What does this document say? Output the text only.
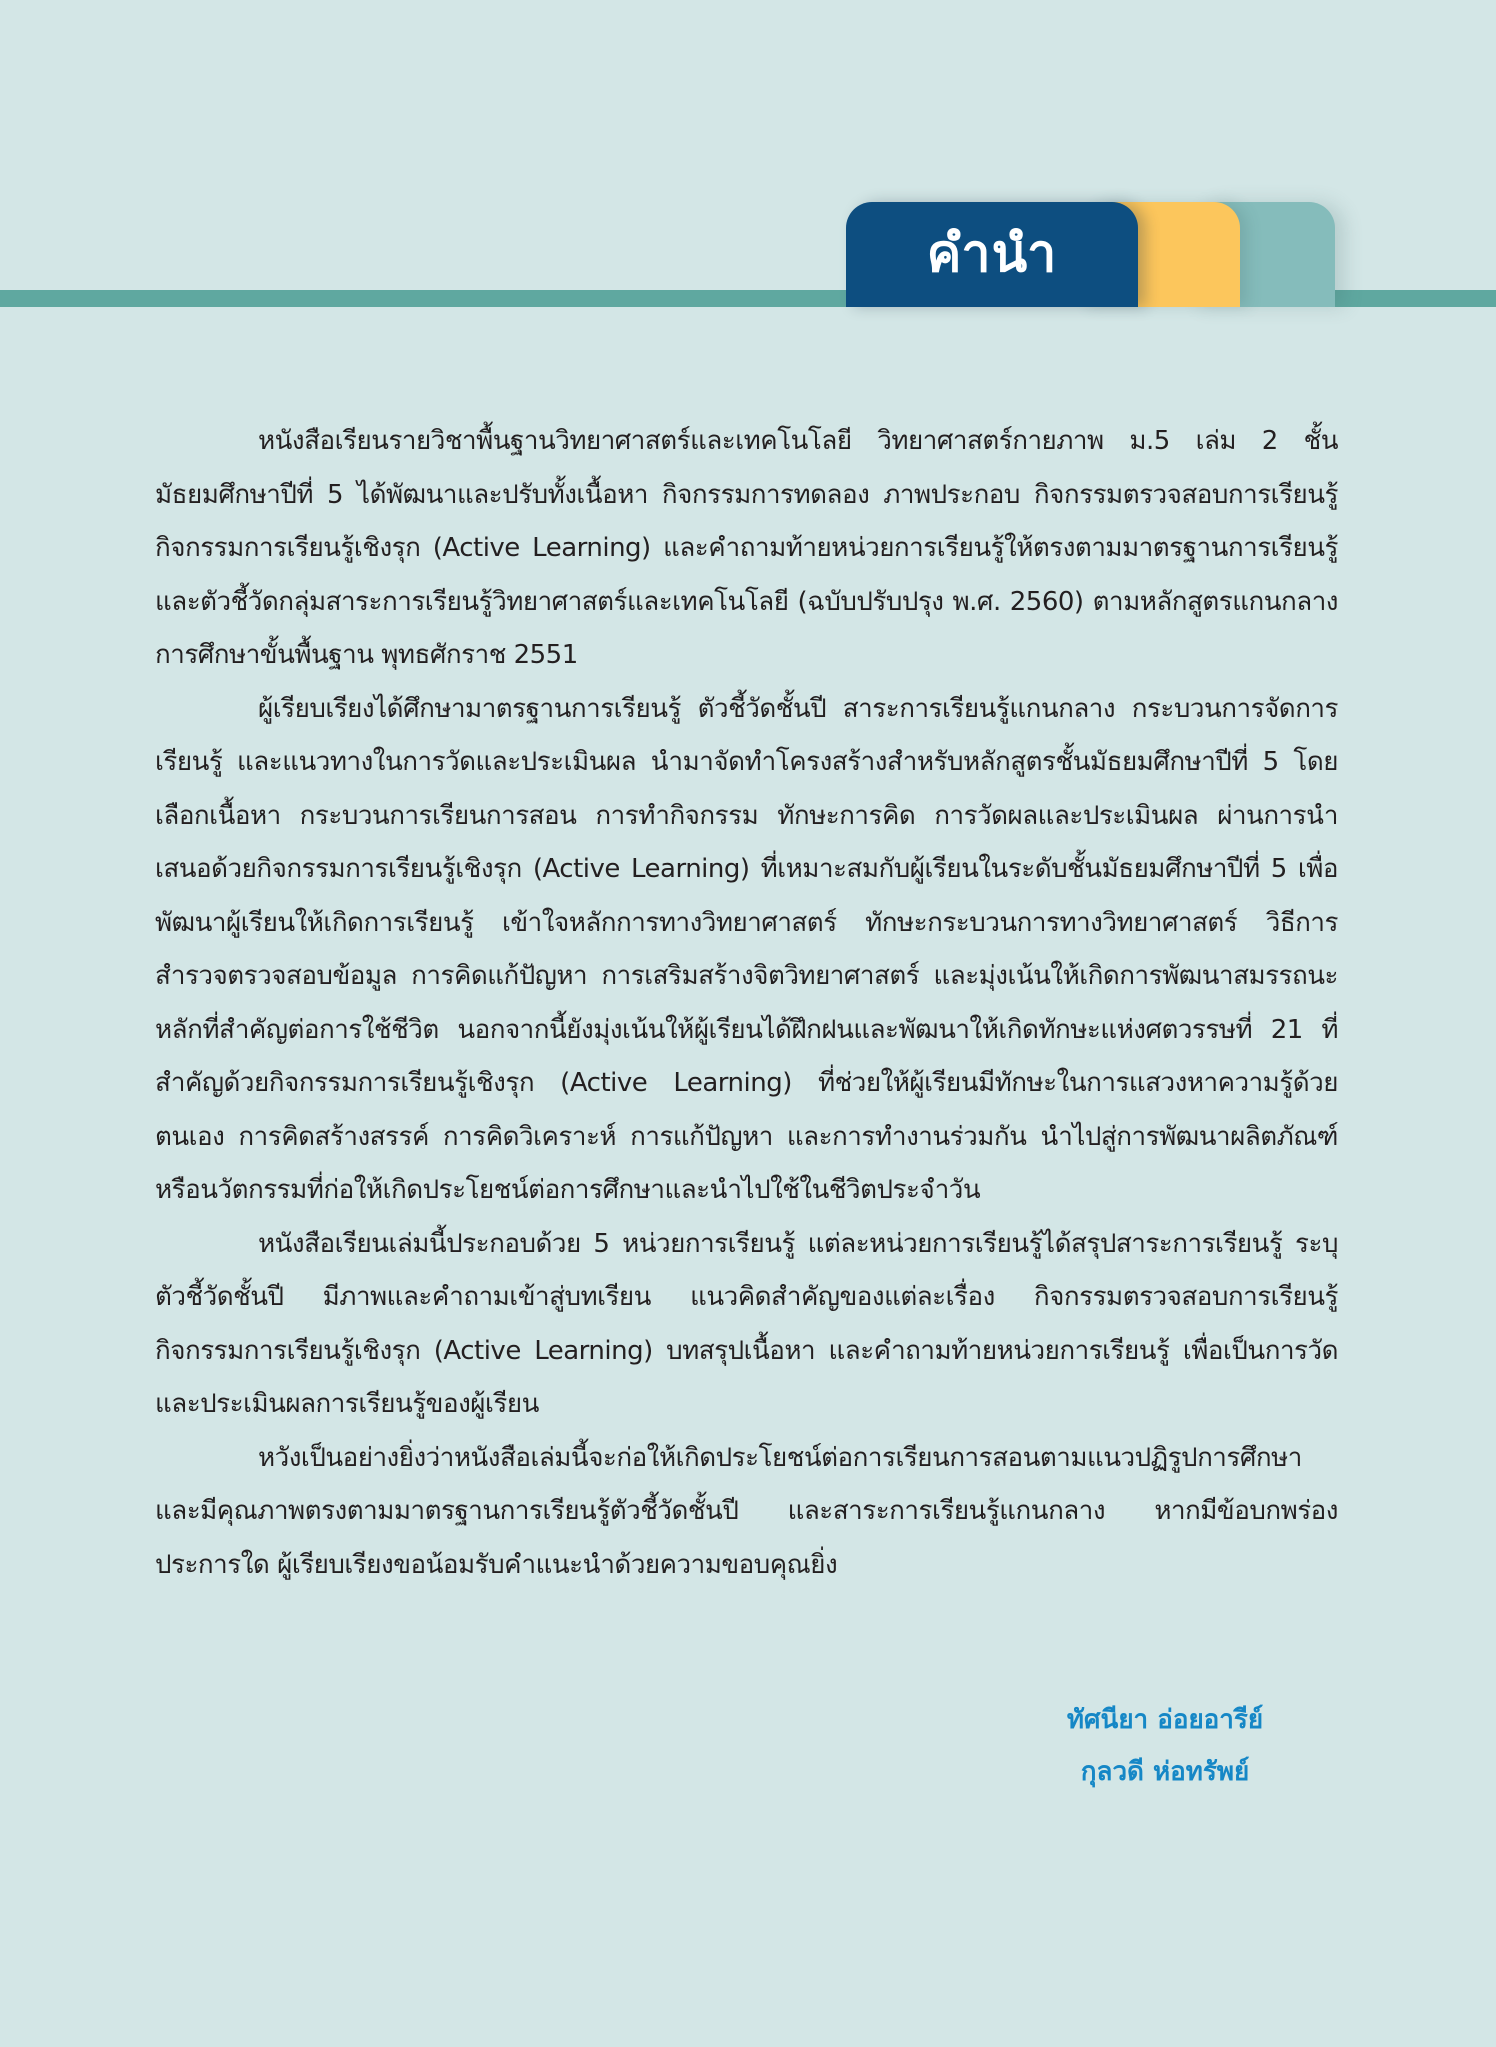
คำนำ

หนังสือเรียนรายวิชาพื้นฐานวิทยาศาสตร์และเทคโนโลยี วิทยาศาสตร์กายภาพ ม.5 เล่ม 2 ชั้นมัธยมศึกษาปีที่ 5 ได้พัฒนาและปรับทั้งเนื้อหา กิจกรรมการทดลอง ภาพประกอบ กิจกรรมตรวจสอบการเรียนรู้ กิจกรรมการเรียนรู้เชิงรุก (Active Learning) และคำถามท้ายหน่วยการเรียนรู้ให้ตรงตามมาตรฐานการเรียนรู้และตัวชี้วัดกลุ่มสาระการเรียนรู้วิทยาศาสตร์และเทคโนโลยี (ฉบับปรับปรุง พ.ศ. 2560) ตามหลักสูตรแกนกลางการศึกษาขั้นพื้นฐาน พุทธศักราช 2551

ผู้เรียบเรียงได้ศึกษามาตรฐานการเรียนรู้ ตัวชี้วัดชั้นปี สาระการเรียนรู้แกนกลาง กระบวนการจัดการเรียนรู้ และแนวทางในการวัดและประเมินผล นำมาจัดทำโครงสร้างสำหรับหลักสูตรชั้นมัธยมศึกษาปีที่ 5 โดยเลือกเนื้อหา กระบวนการเรียนการสอน การทำกิจกรรม ทักษะการคิด การวัดผลและประเมินผล ผ่านการนำเสนอด้วยกิจกรรมการเรียนรู้เชิงรุก (Active Learning) ที่เหมาะสมกับผู้เรียนในระดับชั้นมัธยมศึกษาปีที่ 5 เพื่อพัฒนาผู้เรียนให้เกิดการเรียนรู้ เข้าใจหลักการทางวิทยาศาสตร์ ทักษะกระบวนการทางวิทยาศาสตร์ วิธีการสำรวจตรวจสอบข้อมูล การคิดแก้ปัญหา การเสริมสร้างจิตวิทยาศาสตร์ และมุ่งเน้นให้เกิดการพัฒนาสมรรถนะหลักที่สำคัญต่อการใช้ชีวิต นอกจากนี้ยังมุ่งเน้นให้ผู้เรียนได้ฝึกฝนและพัฒนาให้เกิดทักษะแห่งศตวรรษที่ 21 ที่สำคัญด้วยกิจกรรมการเรียนรู้เชิงรุก (Active Learning) ที่ช่วยให้ผู้เรียนมีทักษะในการแสวงหาความรู้ด้วยตนเอง การคิดสร้างสรรค์ การคิดวิเคราะห์ การแก้ปัญหา และการทำงานร่วมกัน นำไปสู่การพัฒนาผลิตภัณฑ์หรือนวัตกรรมที่ก่อให้เกิดประโยชน์ต่อการศึกษาและนำไปใช้ในชีวิตประจำวัน

หนังสือเรียนเล่มนี้ประกอบด้วย 5 หน่วยการเรียนรู้ แต่ละหน่วยการเรียนรู้ได้สรุปสาระการเรียนรู้ ระบุตัวชี้วัดชั้นปี มีภาพและคำถามเข้าสู่บทเรียน แนวคิดสำคัญของแต่ละเรื่อง กิจกรรมตรวจสอบการเรียนรู้ กิจกรรมการเรียนรู้เชิงรุก (Active Learning) บทสรุปเนื้อหา และคำถามท้ายหน่วยการเรียนรู้ เพื่อเป็นการวัดและประเมินผลการเรียนรู้ของผู้เรียน

หวังเป็นอย่างยิ่งว่าหนังสือเล่มนี้จะก่อให้เกิดประโยชน์ต่อการเรียนการสอนตามแนวปฏิรูปการศึกษา และมีคุณภาพตรงตามมาตรฐานการเรียนรู้ตัวชี้วัดชั้นปี และสาระการเรียนรู้แกนกลาง หากมีข้อบกพร่องประการใด ผู้เรียบเรียงขอน้อมรับคำแนะนำด้วยความขอบคุณยิ่ง

ทัศนียา อ่อยอารีย์
กุลวดี ห่อทรัพย์
